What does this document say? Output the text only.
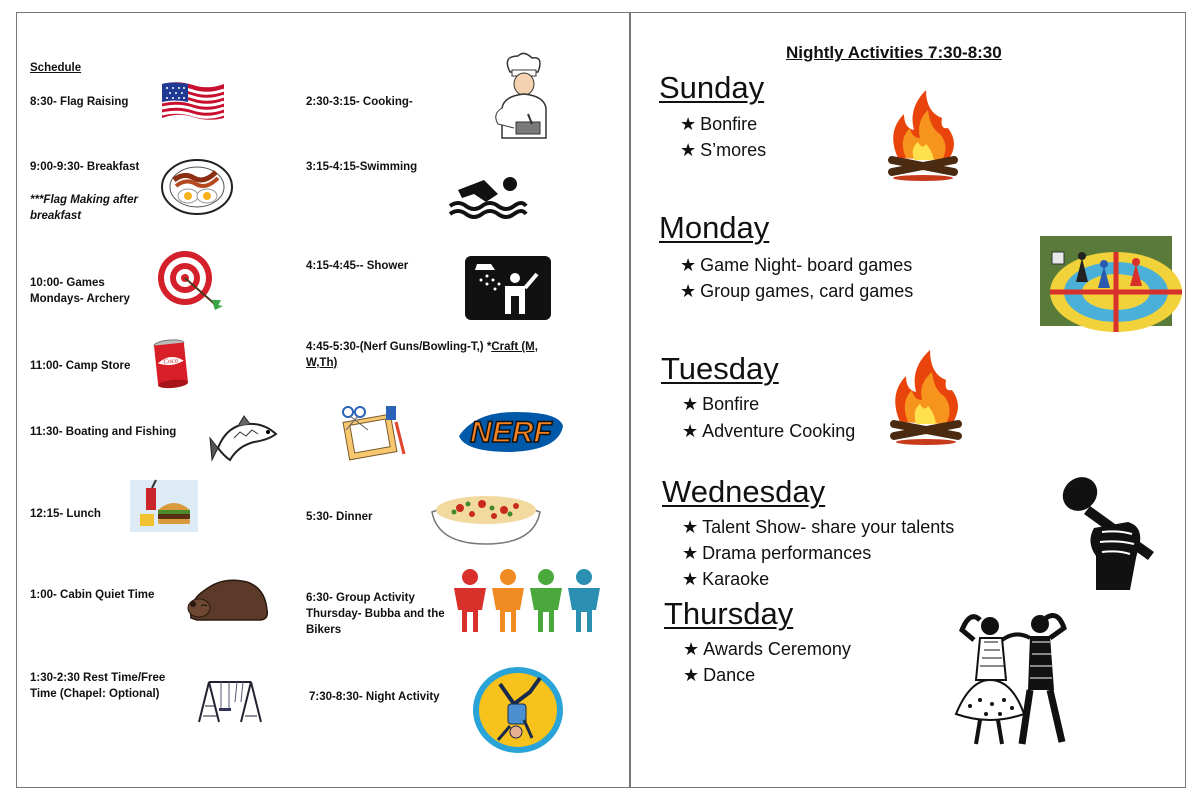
Schedule
8:30- Flag Raising
9:00-9:30- Breakfast
***Flag Making after breakfast
10:00- Games
Mondays- Archery
11:00- Camp Store	Coca
11:30- Boating and Fishing
12:15- Lunch
1:00- Cabin Quiet Time
1:30-2:30 Rest Time/Free Time (Chapel: Optional)
2:30-3:15- Cooking-
3:15-4:15-Swimming
4:15-4:45-- Shower
4:45-5:30-(Nerf Guns/Bowling-T,) *Craft (M, W,Th)
NERF
5:30- Dinner
6:30- Group Activity
Thursday- Bubba and the Bikers
7:30-8:30- Night Activity
Nightly Activities 7:30-8:30
Sunday
★ Bonfire
★ S’mores
Monday
★ Game Night- board games
★ Group games, card games
Tuesday
★ Bonfire
★ Adventure Cooking
Wednesday
★ Talent Show- share your talents
★ Drama performances
★ Karaoke
Thursday
★ Awards Ceremony
★ Dance
